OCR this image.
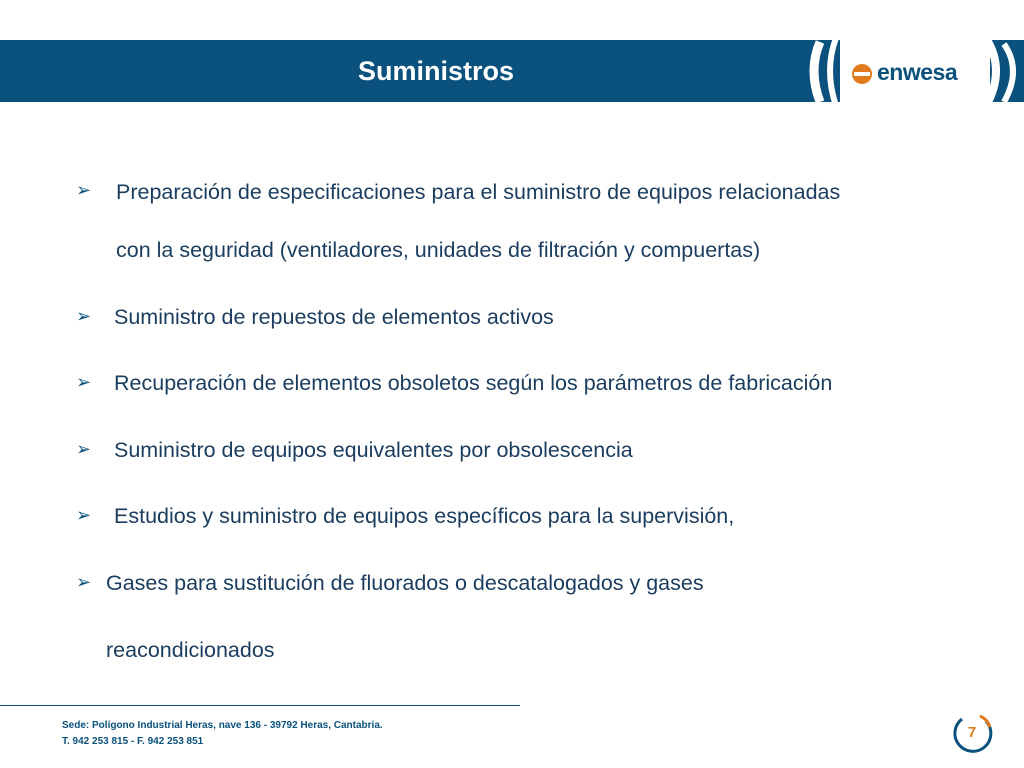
Suministros	enwesa
➢ Preparación de especificaciones para el suministro de equipos relacionadas
con la seguridad (ventiladores, unidades de filtración y compuertas)
➢ Suministro de repuestos de elementos activos
➢ Recuperación de elementos obsoletos según los parámetros de fabricación
➢ Suministro de equipos equivalentes por obsolescencia
➢ Estudios y suministro de equipos específicos para la supervisión,
➢ Gases para sustitución de fluorados o descatalogados y gases
reacondicionados
Sede: Polígono Industrial Heras, nave 136 - 39792 Heras, Cantabria.
T. 942 253 815 - F. 942 253 851
7
